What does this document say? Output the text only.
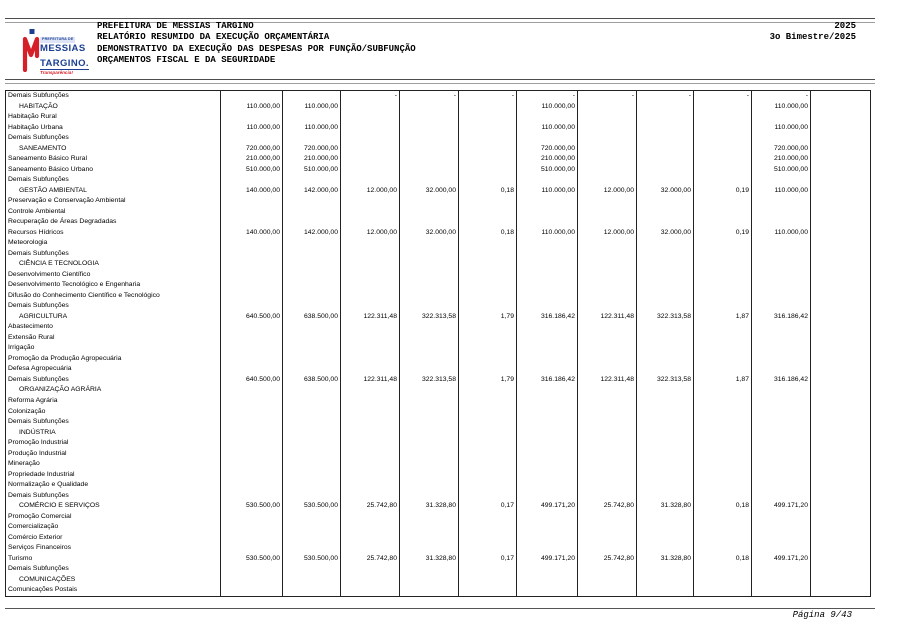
PREFEITURA DE
MESSIAS
TARGINO.
Transparência!
PREFEITURA DE MESSIAS TARGINO
RELATÓRIO RESUMIDO DA EXECUÇÃO ORÇAMENTÁRIA
DEMONSTRATIVO DA EXECUÇÃO DAS DESPESAS POR FUNÇÃO/SUBFUNÇÃO
ORÇAMENTOS FISCAL E DA SEGURIDADE
2025
3o Bimestre/2025
Demais Subfunções			-	-	-	-	-	-	-	-	
HABITAÇÃO	110.000,00	110.000,00				110.000,00				110.000,00	
Habitação Rural											
Habitação Urbana	110.000,00	110.000,00				110.000,00				110.000,00	
Demais Subfunções											
SANEAMENTO	720.000,00	720.000,00				720.000,00				720.000,00	
Saneamento Básico Rural	210.000,00	210.000,00				210.000,00				210.000,00	
Saneamento Básico Urbano	510.000,00	510.000,00				510.000,00				510.000,00	
Demais Subfunções											
GESTÃO AMBIENTAL	140.000,00	142.000,00	12.000,00	32.000,00	0,18	110.000,00	12.000,00	32.000,00	0,19	110.000,00	
Preservação e Conservação Ambiental											
Controle Ambiental											
Recuperação de Áreas Degradadas											
Recursos Hídricos	140.000,00	142.000,00	12.000,00	32.000,00	0,18	110.000,00	12.000,00	32.000,00	0,19	110.000,00	
Meteorologia											
Demais Subfunções											
CIÊNCIA E TECNOLOGIA											
Desenvolvimento Científico											
Desenvolvimento Tecnológico e Engenharia											
Difusão do Conhecimento Científico e Tecnológico											
Demais Subfunções											
AGRICULTURA	640.500,00	638.500,00	122.311,48	322.313,58	1,79	316.186,42	122.311,48	322.313,58	1,87	316.186,42	
Abastecimento											
Extensão Rural											
Irrigação											
Promoção da Produção Agropecuária											
Defesa Agropecuária											
Demais Subfunções	640.500,00	638.500,00	122.311,48	322.313,58	1,79	316.186,42	122.311,48	322.313,58	1,87	316.186,42	
ORGANIZAÇÃO AGRÁRIA											
Reforma Agrária											
Colonização											
Demais Subfunções											
INDÚSTRIA											
Promoção Industrial											
Produção Industrial											
Mineração											
Propriedade Industrial											
Normalização e Qualidade											
Demais Subfunções											
COMÉRCIO E SERVIÇOS	530.500,00	530.500,00	25.742,80	31.328,80	0,17	499.171,20	25.742,80	31.328,80	0,18	499.171,20	
Promoção Comercial											
Comercialização											
Comércio Exterior											
Serviços Financeiros											
Turismo	530.500,00	530.500,00	25.742,80	31.328,80	0,17	499.171,20	25.742,80	31.328,80	0,18	499.171,20	
Demais Subfunções											
COMUNICAÇÕES											
Comunicações Postais											
Página 9/43
